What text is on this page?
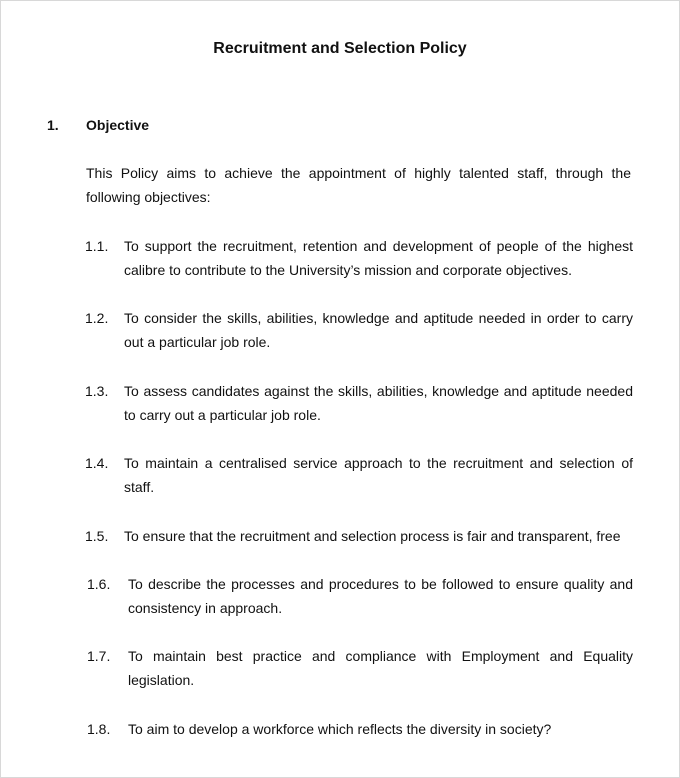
Recruitment and Selection Policy
1. Objective
This Policy aims to achieve the appointment of highly talented staff, through the following objectives:
1.1. To support the recruitment, retention and development of people of the highest calibre to contribute to the University’s mission and corporate objectives.
1.2. To consider the skills, abilities, knowledge and aptitude needed in order to carry out a particular job role.
1.3. To assess candidates against the skills, abilities, knowledge and aptitude needed to carry out a particular job role.
1.4. To maintain a centralised service approach to the recruitment and selection of staff.
1.5. To ensure that the recruitment and selection process is fair and transparent, free
1.6. To describe the processes and procedures to be followed to ensure quality and consistency in approach.
1.7. To maintain best practice and compliance with Employment and Equality legislation.
1.8. To aim to develop a workforce which reflects the diversity in society?
